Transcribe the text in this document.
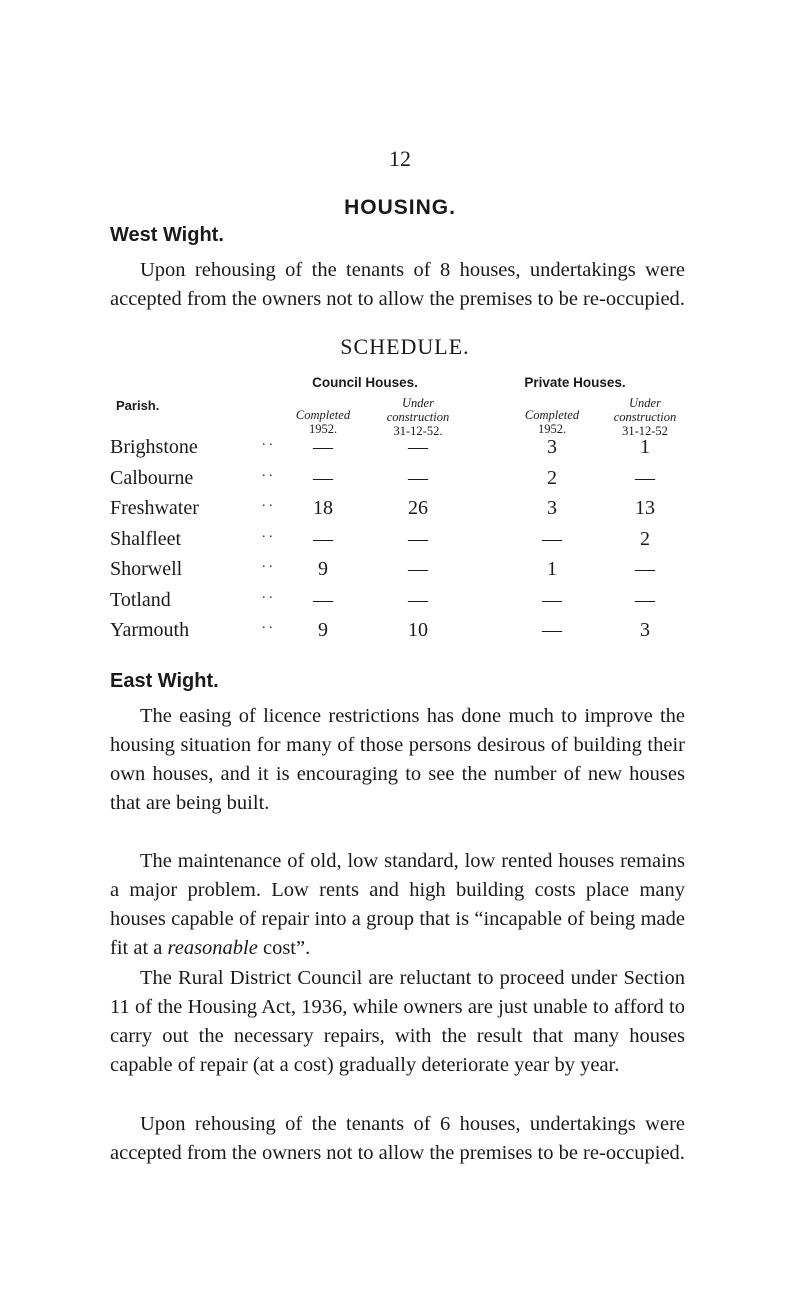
12
HOUSING.
West Wight.

Upon rehousing of the tenants of 8 houses, undertakings were accepted from the owners not to allow the premises to be re-occupied.

SCHEDULE.
Council Houses.	Private Houses.
Parish.
Completed
1952.
Under
construction
31-12-52.
Completed
1952.
Under
construction
31-12-52
Brighstone	. .	—	—	3	1
Calbourne	. .	—	—	2	—
Freshwater	. .	18	26	3	13
Shalfleet	. .	—	—	—	2
Shorwell	. .	9	—	1	—
Totland	. .	—	—	—	—
Yarmouth	. .	9	10	—	3
East Wight.

The easing of licence restrictions has done much to improve the housing situation for many of those persons desirous of building their own houses, and it is encouraging to see the number of new houses that are being built.

The maintenance of old, low standard, low rented houses remains a major problem. Low rents and high building costs place many houses capable of repair into a group that is “incapable of being made fit at a reasonable cost”.

The Rural District Council are reluctant to proceed under Section 11 of the Housing Act, 1936, while owners are just unable to afford to carry out the necessary repairs, with the result that many houses capable of repair (at a cost) gradually deteriorate year by year.

Upon rehousing of the tenants of 6 houses, undertakings were accepted from the owners not to allow the premises to be re-occupied.
